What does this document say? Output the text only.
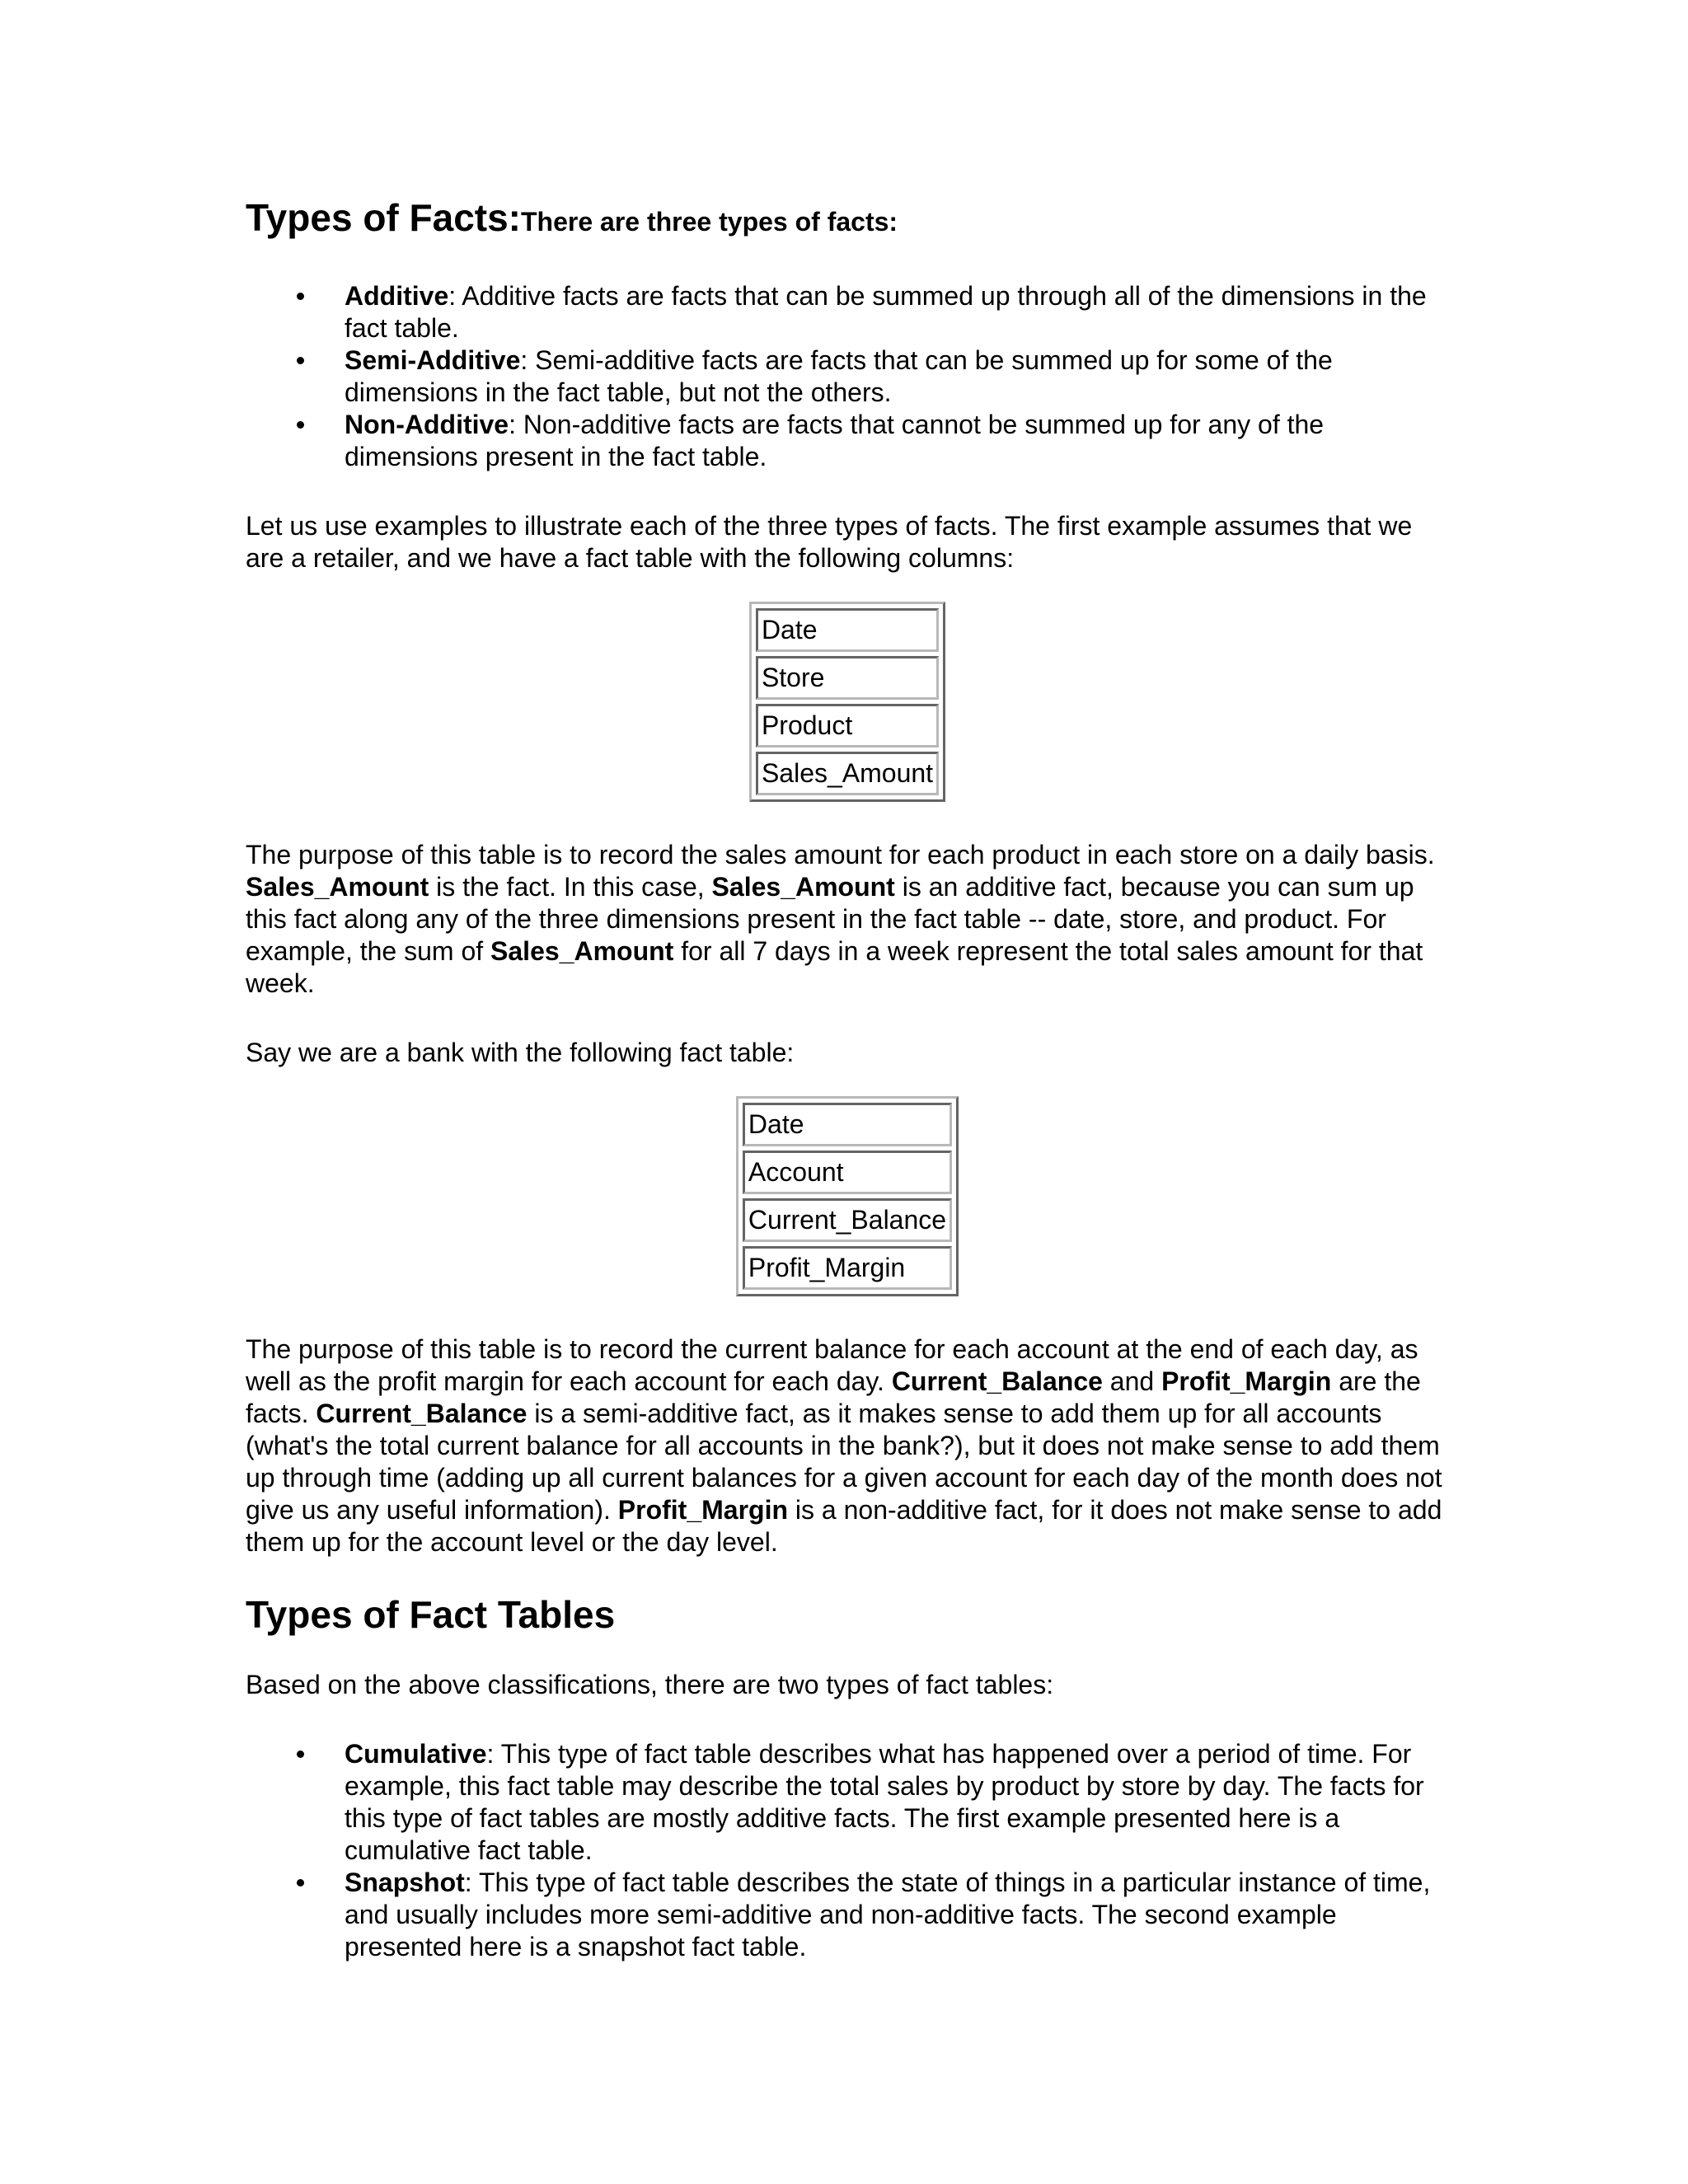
Types of Facts:There are three types of facts:
Additive: Additive facts are facts that can be summed up through all of the dimensions in the fact table.
Semi-Additive: Semi-additive facts are facts that can be summed up for some of the dimensions in the fact table, but not the others.
Non-Additive: Non-additive facts are facts that cannot be summed up for any of the dimensions present in the fact table.

Let us use examples to illustrate each of the three types of facts. The first example assumes that we are a retailer, and we have a fact table with the following columns:

Date
Store
Product
Sales_Amount

The purpose of this table is to record the sales amount for each product in each store on a daily basis. Sales_Amount is the fact. In this case, Sales_Amount is an additive fact, because you can sum up this fact along any of the three dimensions present in the fact table -- date, store, and product. For example, the sum of Sales_Amount for all 7 days in a week represent the total sales amount for that week.

Say we are a bank with the following fact table:

Date
Account
Current_Balance
Profit_Margin

The purpose of this table is to record the current balance for each account at the end of each day, as well as the profit margin for each account for each day. Current_Balance and Profit_Margin are the facts. Current_Balance is a semi-additive fact, as it makes sense to add them up for all accounts (what's the total current balance for all accounts in the bank?), but it does not make sense to add them up through time (adding up all current balances for a given account for each day of the month does not give us any useful information). Profit_Margin is a non-additive fact, for it does not make sense to add them up for the account level or the day level.

Types of Fact Tables

Based on the above classifications, there are two types of fact tables:

Cumulative: This type of fact table describes what has happened over a period of time. For example, this fact table may describe the total sales by product by store by day. The facts for this type of fact tables are mostly additive facts. The first example presented here is a cumulative fact table.
Snapshot: This type of fact table describes the state of things in a particular instance of time, and usually includes more semi-additive and non-additive facts. The second example presented here is a snapshot fact table.
